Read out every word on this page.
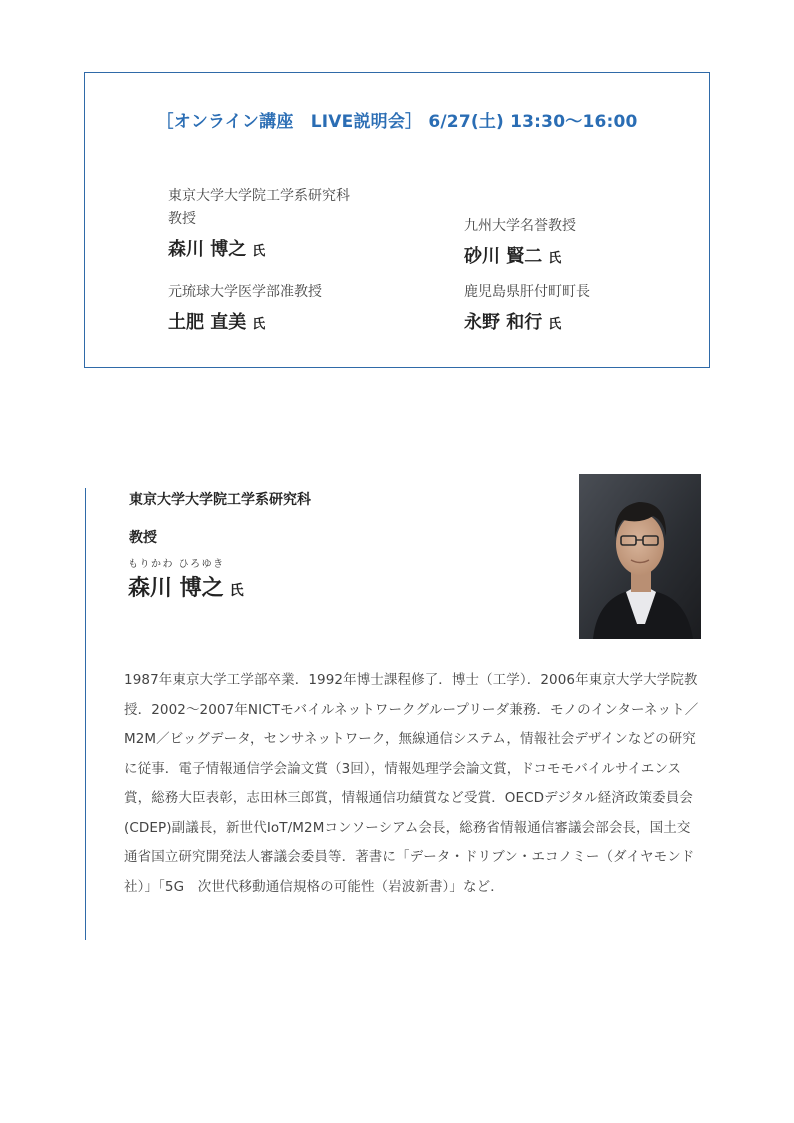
［オンライン講座　LIVE説明会］ 6/27(土) 13:30〜16:00
東京大学大学院工学系研究科
教授
森川 博之 氏
九州大学名誉教授
砂川 賢二 氏
元琉球大学医学部准教授
土肥 直美 氏
鹿児島県肝付町町長
永野 和行 氏
東京大学大学院工学系研究科
教授
もりかわ ひろゆき
森川 博之 氏

1987年東京大学工学部卒業．1992年博士課程修了．博士（工学）．2006年東京大学大学院教授．2002〜2007年NICTモバイルネットワークグループリーダ兼務．モノのインターネット／M2M／ビッグデータ，センサネットワーク，無線通信システム，情報社会デザインなどの研究に従事．電子情報通信学会論文賞（3回），情報処理学会論文賞，ドコモモバイルサイエンス賞，総務大臣表彰，志田林三郎賞，情報通信功績賞など受賞．OECDデジタル経済政策委員会(CDEP)副議長，新世代IoT/M2Mコンソーシアム会長，総務省情報通信審議会部会長，国土交通省国立研究開発法人審議会委員等．著書に「データ・ドリブン・エコノミー（ダイヤモンド社）」「5G　次世代移動通信規格の可能性（岩波新書）」など．
